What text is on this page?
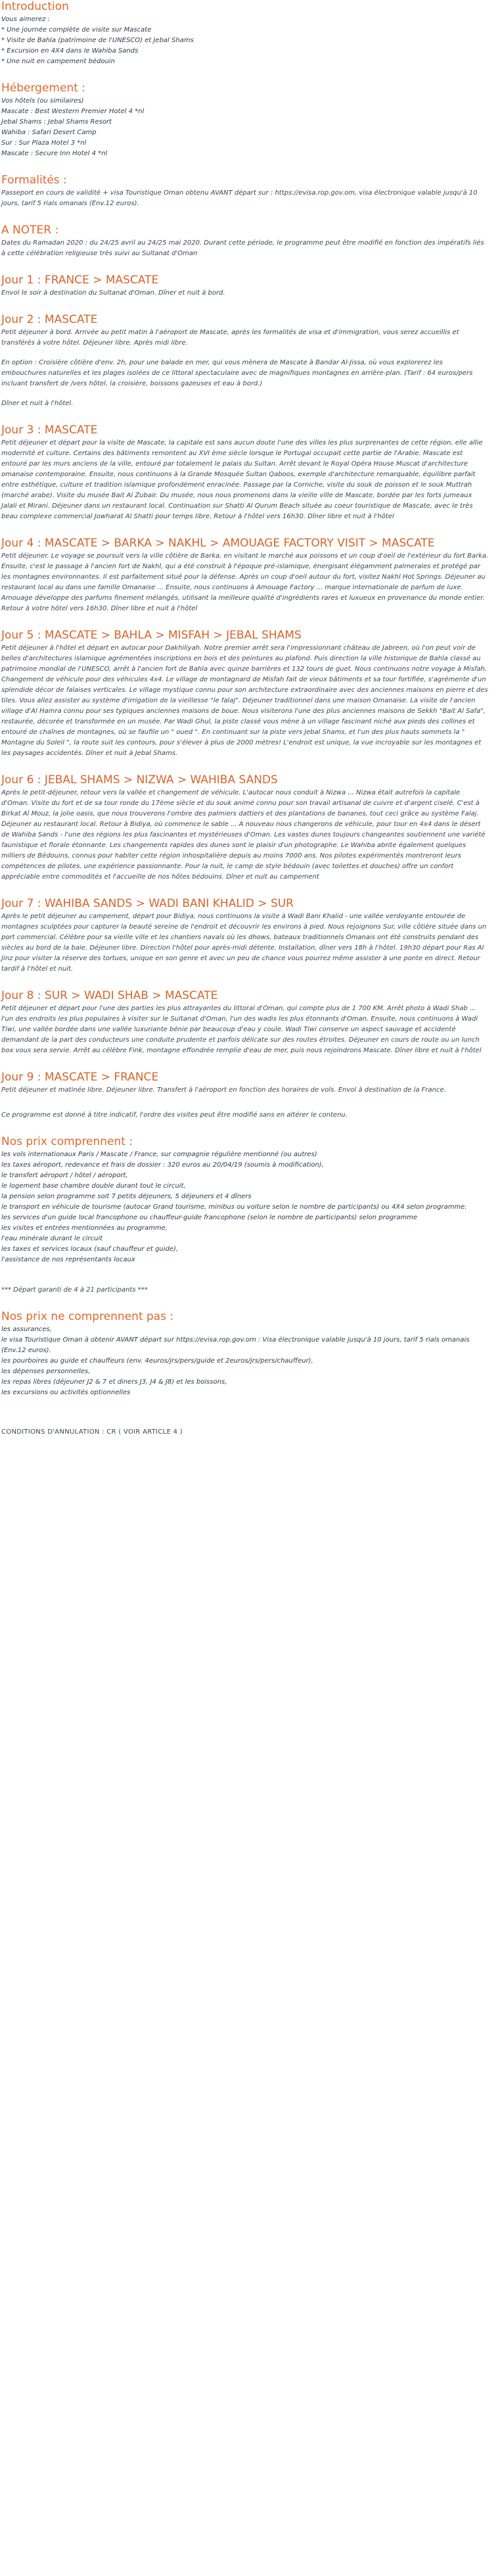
Introduction
Vous aimerez :
* Une journée complète de visite sur Mascate
* Visite de Bahla (patrimoine de l'UNESCO) et Jebal Shams
* Excursion en 4X4 dans le Wahiba Sands
* Une nuit en campement bédouin
Hébergement :
Vos hôtels (ou similaires)
Mascate : Best Western Premier Hotel 4 *nl
Jebal Shams : Jebal Shams Resort
Wahiba : Safari Desert Camp
Sur : Sur Plaza Hotel 3 *nl
Mascate : Secure Inn Hotel 4 *nl
Formalités :

Passeport en cours de validité + visa Touristique Oman obtenu AVANT départ sur : https://evisa.rop.gov.om, visa électronique valable jusqu'à 10 jours, tarif 5 rials omanais (Env.12 euros).

A NOTER :

Dates du Ramadan 2020 : du 24/25 avril au 24/25 mai 2020. Durant cette période, le programme peut être modifié en fonction des impératifs liés à cette célébration religieuse très suivi au Sultanat d'Oman

Jour 1 : FRANCE > MASCATE

Envol le soir à destination du Sultanat d'Oman. Dîner et nuit à bord.

Jour 2 : MASCATE

Petit déjeuner à bord. Arrivée au petit matin à l'aéroport de Mascate, après les formalités de visa et d'immigration, vous serez accueillis et transférés à votre hôtel. Déjeuner libre. Après midi libre.

En option : Croisière côtière d'env. 2h, pour une balade en mer, qui vous mènera de Mascate à Bandar Al-Jissa, où vous explorerez les embouchures naturelles et les plages isolées de ce littoral spectaculaire avec de magnifiques montagnes en arrière-plan. (Tarif : 64 euros/pers incluant transfert de /vers hôtel, la croisière, boissons gazeuses et eau à bord.)

Dîner et nuit à l'hôtel.

Jour 3 : MASCATE

Petit déjeuner et départ pour la visite de Mascate, la capitale est sans aucun doute l'une des villes les plus surprenantes de cette région, elle allie modernité et culture. Certains des bâtiments remontent au XVI ème siècle lorsque le Portugal occupait cette partie de l'Arabie. Mascate est entouré par les murs anciens de la ville, entouré par totalement le palais du Sultan. Arrêt devant le Royal Opéra House Muscat d'architecture omanaise contemporaine. Ensuite, nous continuons à la Grande Mosquée Sultan Qaboos, exemple d'architecture remarquable, équilibre parfait entre esthétique, culture et tradition islamique profondément enracinée. Passage par la Corniche, visite du souk de poisson et le souk Muttrah (marché arabe). Visite du musée Bait Al Zubair. Du musée, nous nous promenons dans la vieille ville de Mascate, bordée par les forts jumeaux Jalali et Mirani. Déjeuner dans un restaurant local. Continuation sur Shatti Al Qurum Beach située au coeur touristique de Mascate, avec le très beau complexe commercial Jowharat Al Shatti pour temps libre. Retour à l'hôtel vers 16h30. Dîner libre et nuit à l'hôtel

Jour 4 : MASCATE > BARKA > NAKHL > AMOUAGE FACTORY VISIT > MASCATE

Petit déjeuner. Le voyage se poursuit vers la ville côtière de Barka, en visitant le marché aux poissons et un coup d'oeil de l'extérieur du fort Barka. Ensuite, c'est le passage à l'ancien fort de Nakhl, qui a été construit à l'époque pré-islamique, énergisant élégamment palmeraies et protégé par les montagnes environnantes. Il est parfaitement situé pour la défense. Après un coup d'oeil autour du fort, visitez Nakhl Hot Springs. Déjeuner au restaurant local au dans une famille Omanaise ... Ensuite, nous continuons à Amouage Factory ... marque internationale de parfum de luxe. Amouage développe des parfums finement mélangés, utilisant la meilleure qualité d'ingrédients rares et luxueux en provenance du monde entier. Retour à votre hôtel vers 16h30. Dîner libre et nuit à l'hôtel

Jour 5 : MASCATE > BAHLA > MISFAH > JEBAL SHAMS

Petit déjeuner à l'hôtel et départ en autocar pour Dakhiliyah. Notre premier arrêt sera l'impressionnant château de Jabreen, où l'on peut voir de belles d'architectures islamique agrémentées inscriptions en bois et des peintures au plafond. Puis direction la ville historique de Bahla classé au patrimoine mondial de l'UNESCO, arrêt à l'ancien fort de Bahla avec quinze barrières et 132 tours de guet. Nous continuons notre voyage à Misfah. Changement de véhicule pour des véhicules 4x4. Le village de montagnard de Misfah fait de vieux bâtiments et sa tour fortifiée, s'agrémente d'un splendide décor de falaises verticales. Le village mystique connu pour son architecture extraordinaire avec des anciennes maisons en pierre et des tiles. Vous allez assister au système d'irrigation de la vieillesse "le falaj". Déjeuner traditionnel dans une maison Omanaise. La visite de l'ancien village d'Al Hamra connu pour ses typiques anciennes maisons de boue. Nous visiterons l'une des plus anciennes maisons de Sekkh "Bait Al Safa", restaurée, décorée et transformée en un musée. Par Wadi Ghul, la piste classé vous mène à un village fascinant niché aux pieds des collines et entouré de chaînes de montagnes, où se faufile un " oued ". En continuant sur la piste vers Jebal Shams, et l'un des plus hauts sommets la " Montagne du Soleil ", la route suit les contours, pour s'élever à plus de 2000 mètres! L'endroit est unique, la vue incroyable sur les montagnes et les paysages accidentés. Dîner et nuit à Jebal Shams.

Jour 6 : JEBAL SHAMS > NIZWA > WAHIBA SANDS

Après le petit-déjeuner, retour vers la vallée et changement de véhicule. L'autocar nous conduit à Nizwa ... Nizwa était autrefois la capitale d'Oman. Visite du fort et de sa tour ronde du 17ème siècle et du souk animé connu pour son travail artisanal de cuivre et d'argent ciselé. C'est à Birkat Al Mouz, la jolie oasis, que nous trouverons l'ombre des palmiers dattiers et des plantations de bananes, tout ceci grâce au système Falaj. Déjeuner au restaurant local. Retour à Bidiya, où commence le sable ... A nouveau nous changerons de véhicule, pour tour en 4x4 dans le désert de Wahiba Sands - l'une des régions les plus fascinantes et mystérieuses d'Oman. Les vastes dunes toujours changeantes soutiennent une variété faunistique et florale étonnante. Les changements rapides des dunes sont le plaisir d'un photographe. Le Wahiba abrite également quelques milliers de Bédouins, connus pour habiter cette région inhospitalière depuis au moins 7000 ans. Nos pilotes expérimentés montreront leurs compétences de pilotes, une expérience passionnante. Pour la nuit, le camp de style bédouin (avec toilettes et douches) offre un confort appréciable entre commodités et l'accueille de nos hôtes bédouins. Dîner et nuit au campement

Jour 7 : WAHIBA SANDS > WADI BANI KHALID > SUR

Après le petit déjeuner au campement, départ pour Bidiya, nous continuons la visite à Wadi Bani Khalid - une vallée verdoyante entourée de montagnes sculptées pour capturer la beauté sereine de l'endroit et découvrir les environs à pied. Nous rejoignons Sur, ville côtière située dans un port commercial. Célèbre pour sa vieille ville et les chantiers navals où les dhows, bateaux traditionnels Omanais ont été construits pendant des siècles au bord de la baie. Déjeuner libre. Direction l'hôtel pour après-midi détente. Installation, dîner vers 18h à l'hôtel. 19h30 départ pour Ras Al Jinz pour visiter la réserve des tortues, unique en son genre et avec un peu de chance vous pourrez même assister à une ponte en direct. Retour tardif à l'hôtel et nuit.

Jour 8 : SUR > WADI SHAB > MASCATE

Petit déjeuner et départ pour l'une des parties les plus attrayantes du littoral d'Oman, qui compte plus de 1 700 KM. Arrêt photo à Wadi Shab ... l'un des endroits les plus populaires à visiter sur le Sultanat d'Oman, l'un des wadis les plus étonnants d'Oman. Ensuite, nous continuons à Wadi Tiwi, une vallée bordée dans une vallée luxuriante bénie par beaucoup d'eau y coule. Wadi Tiwi conserve un aspect sauvage et accidenté demandant de la part des conducteurs une conduite prudente et parfois délicate sur des routes étroites. Déjeuner en cours de route ou un lunch box vous sera servie. Arrêt au célèbre Fink, montagne effondrée remplie d'eau de mer, puis nous rejoindrons Mascate. Dîner libre et nuit à l'hôtel

Jour 9 : MASCATE > FRANCE

Petit déjeuner et matinée libre. Déjeuner libre. Transfert à l'aéroport en fonction des horaires de vols. Envol à destination de la France.

Ce programme est donné à titre indicatif, l'ordre des visites peut être modifié sans en altérer le contenu.

Nos prix comprennent :
les vols internationaux Paris / Mascate / France, sur compagnie régulière mentionné (ou autres)
les taxes aéroport, redevance et frais de dossier : 320 euros au 20/04/19 (soumis à modification),
le transfert aéroport / hôtel / aéroport,
le logement base chambre double durant tout le circuit,
la pension selon programme soit 7 petits déjeuners, 5 déjeuners et 4 dîners
le transport en véhicule de tourisme (autocar Grand tourisme, minibus ou voiture selon le nombre de participants) ou 4X4 selon programme.
les services d'un guide local francophone ou chauffeur-guide francophone (selon le nombre de participants) selon programme
les visites et entrées mentionnées au programme,
l'eau minérale durant le circuit
les taxes et services locaux (sauf chauffeur et guide),
l'assistance de nos représentants locaux

*** Départ garanti de 4 à 21 participants ***

Nos prix ne comprennent pas :
les assurances,
le visa Touristique Oman à obtenir AVANT départ sur https://evisa.rop.gov.om : Visa électronique valable jusqu'à 10 jours, tarif 5 rials omanais (Env.12 euros).
les pourboires au guide et chauffeurs (env. 4euros/jrs/pers/guide et 2euros/jrs/pers/chauffeur),
les dépenses personnelles,
les repas libres (déjeuner J2 & 7 et diners J3, J4 & J8) et les boissons,
les excursions ou activités optionnelles
CONDITIONS D'ANNULATION : CR ( VOIR ARTICLE 4 )
